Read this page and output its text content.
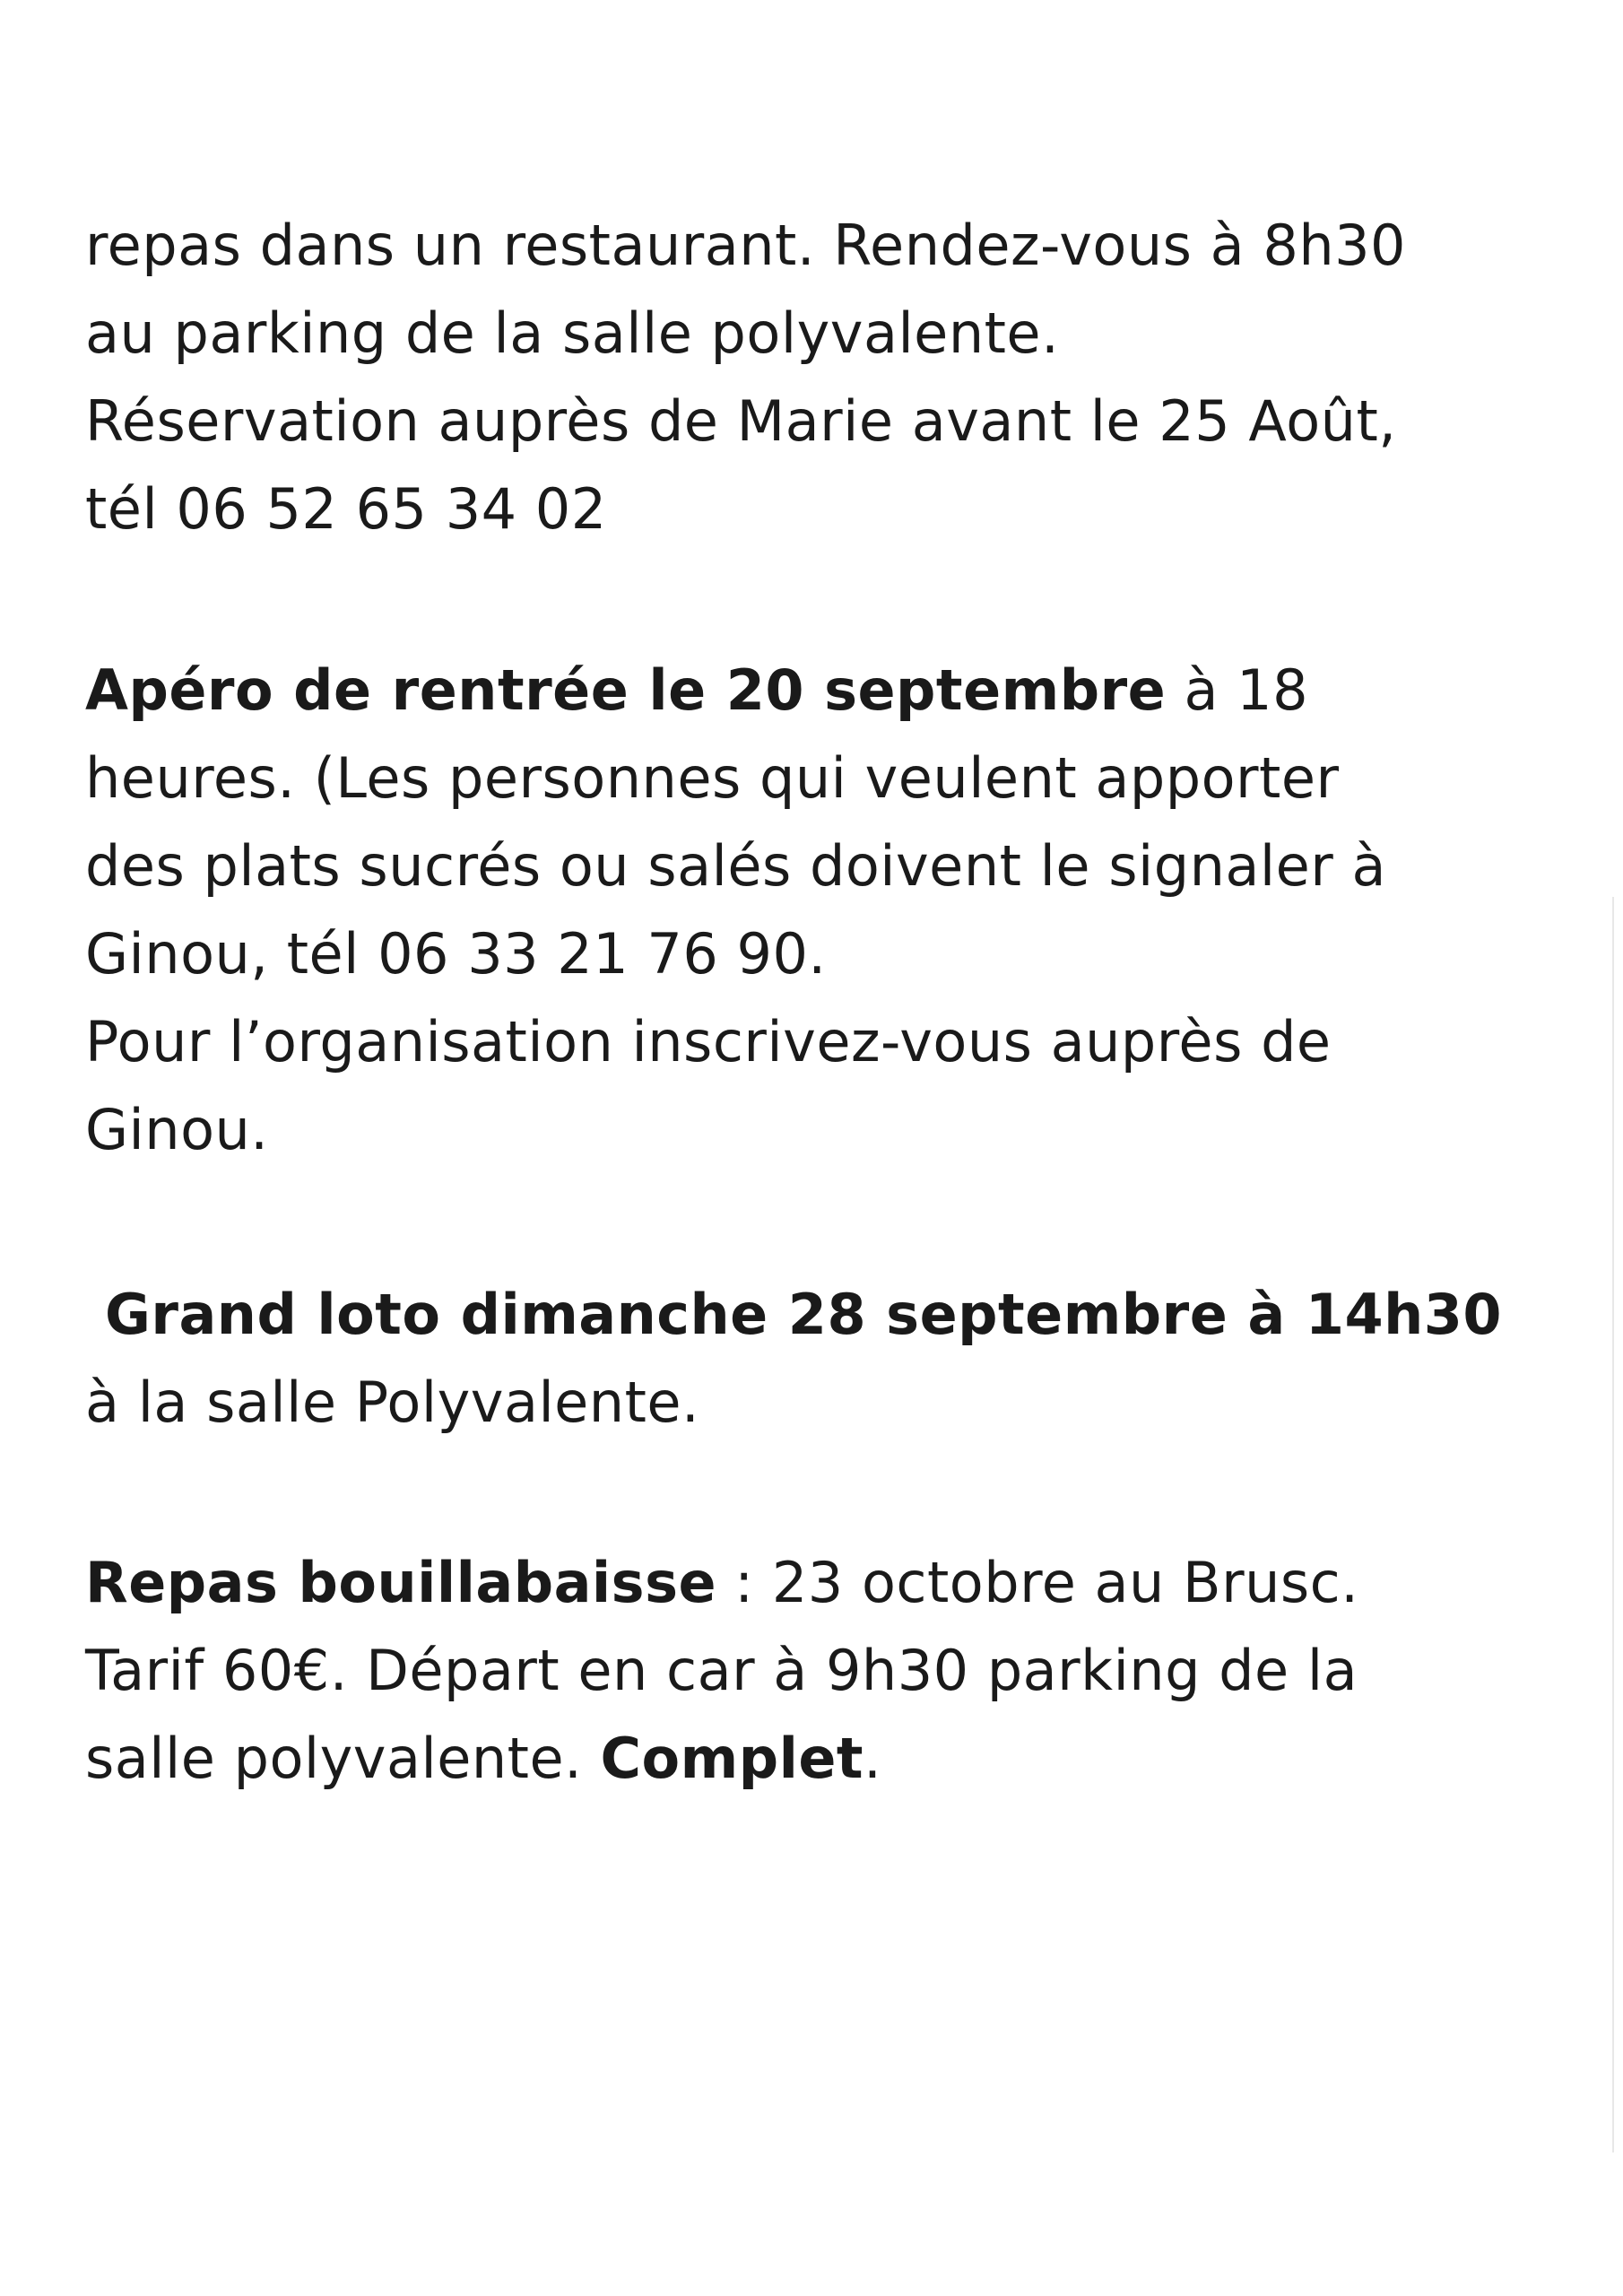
repas dans un restaurant. Rendez-vous à 8h30
au parking de la salle polyvalente.
Réservation auprès de Marie avant le 25 Août,
tél 06 52 65 34 02
Apéro de rentrée le 20 septembre à 18
heures. (Les personnes qui veulent apporter
des plats sucrés ou salés doivent le signaler à
Ginou, tél 06 33 21 76 90.
Pour l’organisation inscrivez-vous auprès de
Ginou.
Grand loto dimanche 28 septembre à 14h30
à la salle Polyvalente.
Repas bouillabaisse : 23 octobre au Brusc.
Tarif 60€. Départ en car à 9h30 parking de la
salle polyvalente. Complet.
